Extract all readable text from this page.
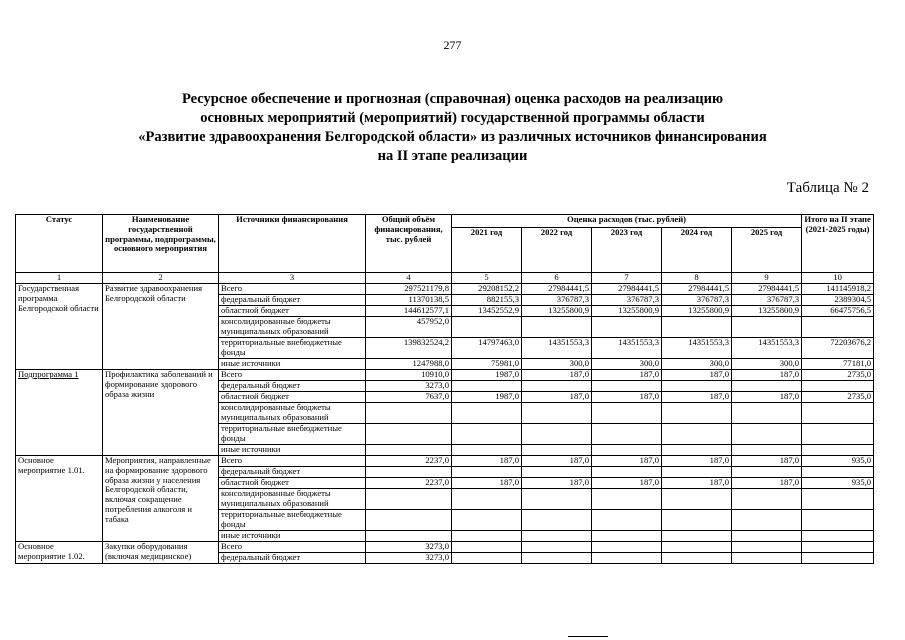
277
Ресурсное обеспечение и прогнозная (справочная) оценка расходов на реализацию
основных мероприятий (мероприятий) государственной программы области
«Развитие здравоохранения Белгородской области» из различных источников финансирования
на II этапе реализации
Таблица № 2
Статус	Наименование государственной программы, подпрограммы, основного мероприятия	Источники финансирования	Общий объём финансирования, тыс. рублей	Оценка расходов (тыс. рублей)					Итого на II этапе (2021-2025 годы)
				2021 год	2022 год	2023 год	2024 год	2025 год	
1	2	3	4	5	6	7	8	9	10
Государственная программа Белгородской области	Развитие здравоохранения Белгородской области	Всего	297521179,8	29208152,2	27984441,5	27984441,5	27984441,5	27984441,5	141145918,2
		федеральный бюджет	11370138,5	882155,3	376787,3	376787,3	376787,3	376787,3	2389304,5
		областной бюджет	144612577,1	13452552,9	13255800,9	13255800,9	13255800,9	13255800,9	66475756,5
		консолидированные бюджеты муниципальных образований	457952,0						
		территориальные внебюджетные фонды	139832524,2	14797463,0	14351553,3	14351553,3	14351553,3	14351553,3	72203676,2
		иные источники	1247988,0	75981,0	300,0	300,0	300,0	300,0	77181,0
Подпрограмма 1	Профилактика заболеваний и формирование здорового образа жизни	Всего	10910,0	1987,0	187,0	187,0	187,0	187,0	2735,0
		федеральный бюджет	3273,0						
		областной бюджет	7637,0	1987,0	187,0	187,0	187,0	187,0	2735,0
		консолидированные бюджеты муниципальных образований							
		территориальные внебюджетные фонды							
		иные источники							
Основное мероприятие 1.01.	Мероприятия, направленные на формирование здорового образа жизни у населения Белгородской области, включая сокращение потребления алкоголя и табака	Всего	2237,0	187,0	187,0	187,0	187,0	187,0	935,0
		федеральный бюджет							
		областной бюджет	2237,0	187,0	187,0	187,0	187,0	187,0	935,0
		консолидированные бюджеты муниципальных образований							
		территориальные внебюджетные фонды							
		иные источники							
Основное мероприятие 1.02.	Закупки оборудования (включая медицинское)	Всего	3273,0						
		федеральный бюджет	3273,0						
